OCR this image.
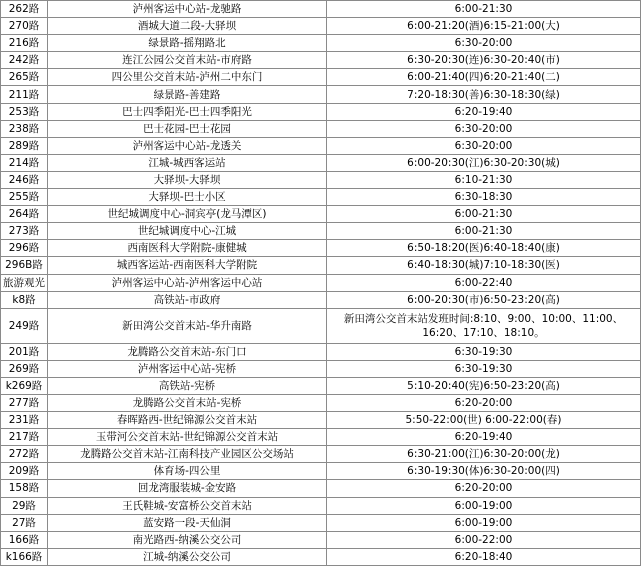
262路	泸州客运中心站-龙驰路	6:00-21:30
270路	酒城大道二段-大驿坝	6:00-21:20(酒)6:15-21:00(大)
216路	绿景路-摇翔路北	6:30-20:00
242路	连江公园公交首末站-市府路	6:30-20:30(连)6:30-20:40(市)
265路	四公里公交首末站-泸州二中东门	6:00-21:40(四)6:20-21:40(二)
211路	绿景路-善建路	7:20-18:30(善)6:30-18:30(绿)
253路	巴士四季阳光-巴士四季阳光	6:20-19:40
238路	巴士花园-巴士花园	6:30-20:00
289路	泸州客运中心站-龙透关	6:30-20:00
214路	江城-城西客运站	6:00-20:30(江)6:30-20:30(城)
246路	大驿坝-大驿坝	6:10-21:30
255路	大驿坝-巴士小区	6:30-18:30
264路	世纪城调度中心-洞宾亭(龙马潭区)	6:00-21:30
273路	世纪城调度中心-江城	6:00-21:30
296路	西南医科大学附院-康健城	6:50-18:20(医)6:40-18:40(康)
296B路	城西客运站-西南医科大学附院	6:40-18:30(城)7:10-18:30(医)
旅游观光	泸州客运中心站-泸州客运中心站	6:00-22:40
k8路	高铁站-市政府	6:00-20:30(市)6:50-23:20(高)
249路	新田湾公交首末站-华升南路	新田湾公交首末站发班时间:8:10、9:00、10:00、11:00、16:20、17:10、18:10。
201路	龙腾路公交首末站-东门口	6:30-19:30
269路	泸州客运中心站-宪桥	6:30-19:30
k269路	高铁站-宪桥	5:10-20:40(宪)6:50-23:20(高)
277路	龙腾路公交首末站-宪桥	6:20-20:00
231路	春晖路西-世纪锦源公交首末站	5:50-22:00(世) 6:00-22:00(春)
217路	玉带河公交首末站-世纪锦源公交首末站	6:20-19:40
272路	龙腾路公交首末站-江南科技产业园区公交场站	6:30-21:00(江)6:30-20:00(龙)
209路	体育场-四公里	6:30-19:30(体)6:30-20:00(四)
158路	回龙湾服装城-金安路	6:20-20:00
29路	王氏鞋城-安富桥公交首末站	6:00-19:00
27路	蓝安路一段-天仙洞	6:00-19:00
166路	南光路西-纳溪公交公司	6:00-22:00
k166路	江城-纳溪公交公司	6:20-18:40
